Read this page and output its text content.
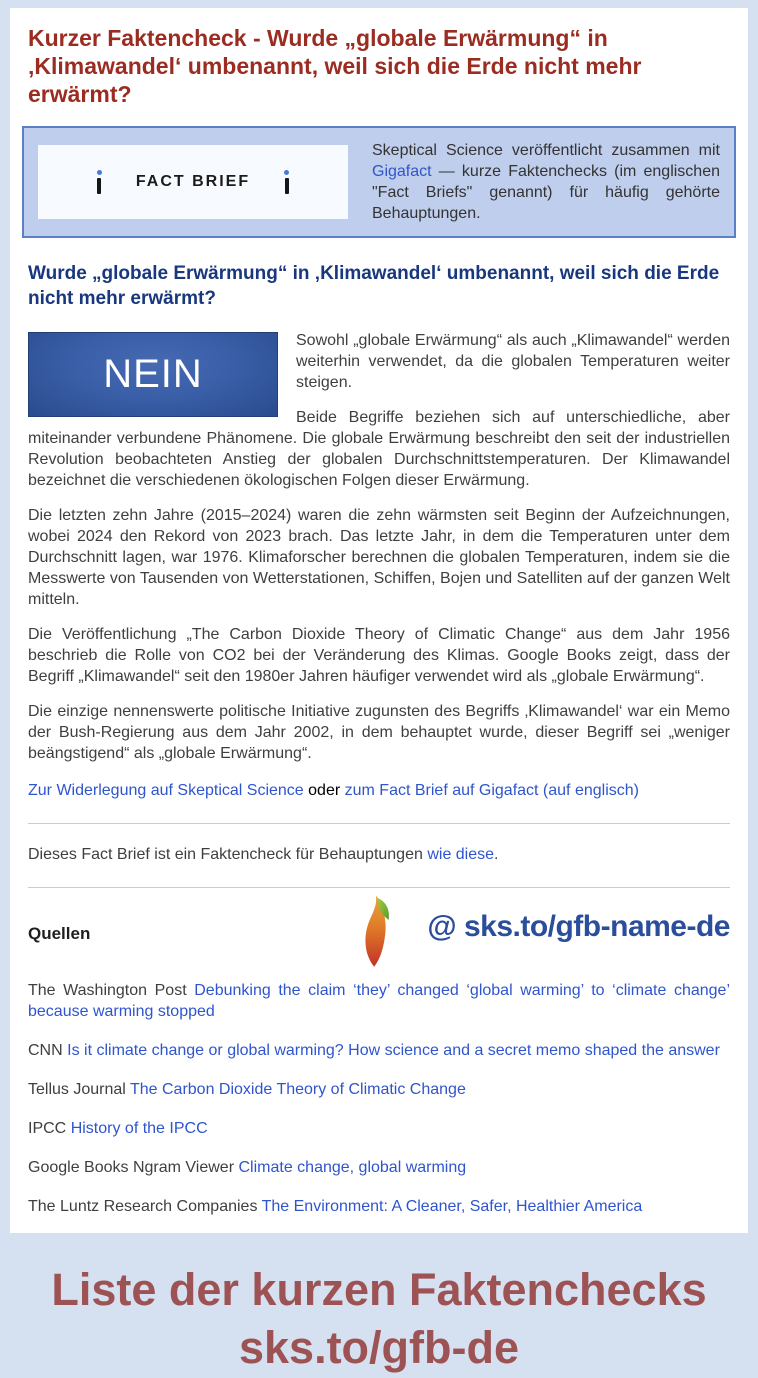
Kurzer Faktencheck - Wurde „globale Erwärmung“ in ‚Klimawandel‘ umbenannt, weil sich die Erde nicht mehr erwärmt?
FACT BRIEF
Skeptical Science veröffentlicht zusammen mit Gigafact — kurze Faktenchecks (im englischen "Fact Briefs" genannt) für häufig gehörte Behauptungen.
Wurde „globale Erwärmung“ in ‚Klimawandel‘ umbenannt, weil sich die Erde nicht mehr erwärmt?
NEIN

Sowohl „globale Erwärmung“ als auch „Klimawandel“ werden weiterhin verwendet, da die globalen Temperaturen weiter steigen.

Beide Begriffe beziehen sich auf unterschiedliche, aber miteinander verbundene Phänomene. Die globale Erwärmung beschreibt den seit der industriellen Revolution beobachteten Anstieg der globalen Durchschnittstemperaturen. Der Klimawandel bezeichnet die verschiedenen ökologischen Folgen dieser Erwärmung.

Die letzten zehn Jahre (2015–2024) waren die zehn wärmsten seit Beginn der Aufzeichnungen, wobei 2024 den Rekord von 2023 brach. Das letzte Jahr, in dem die Temperaturen unter dem Durchschnitt lagen, war 1976. Klimaforscher berechnen die globalen Temperaturen, indem sie die Messwerte von Tausenden von Wetterstationen, Schiffen, Bojen und Satelliten auf der ganzen Welt mitteln.

Die Veröffentlichung „The Carbon Dioxide Theory of Climatic Change“ aus dem Jahr 1956 beschrieb die Rolle von CO2 bei der Veränderung des Klimas. Google Books zeigt, dass der Begriff „Klimawandel“ seit den 1980er Jahren häufiger verwendet wird als „globale Erwärmung“.

Die einzige nennenswerte politische Initiative zugunsten des Begriffs ‚Klimawandel‘ war ein Memo der Bush-Regierung aus dem Jahr 2002, in dem behauptet wurde, dieser Begriff sei „weniger beängstigend“ als „globale Erwärmung“.

Zur Widerlegung auf Skeptical Science oder zum Fact Brief auf Gigafact (auf englisch)
Dieses Fact Brief ist ein Faktencheck für Behauptungen wie diese.
Quellen	@ sks.to/gfb-name-de

The Washington Post Debunking the claim ‘they’ changed ‘global warming’ to ‘climate change’ because warming stopped

CNN Is it climate change or global warming? How science and a secret memo shaped the answer

Tellus Journal The Carbon Dioxide Theory of Climatic Change

IPCC History of the IPCC

Google Books Ngram Viewer Climate change, global warming

The Luntz Research Companies The Environment: A Cleaner, Safer, Healthier America

Liste der kurzen Faktenchecks
sks.to/gfb-de
